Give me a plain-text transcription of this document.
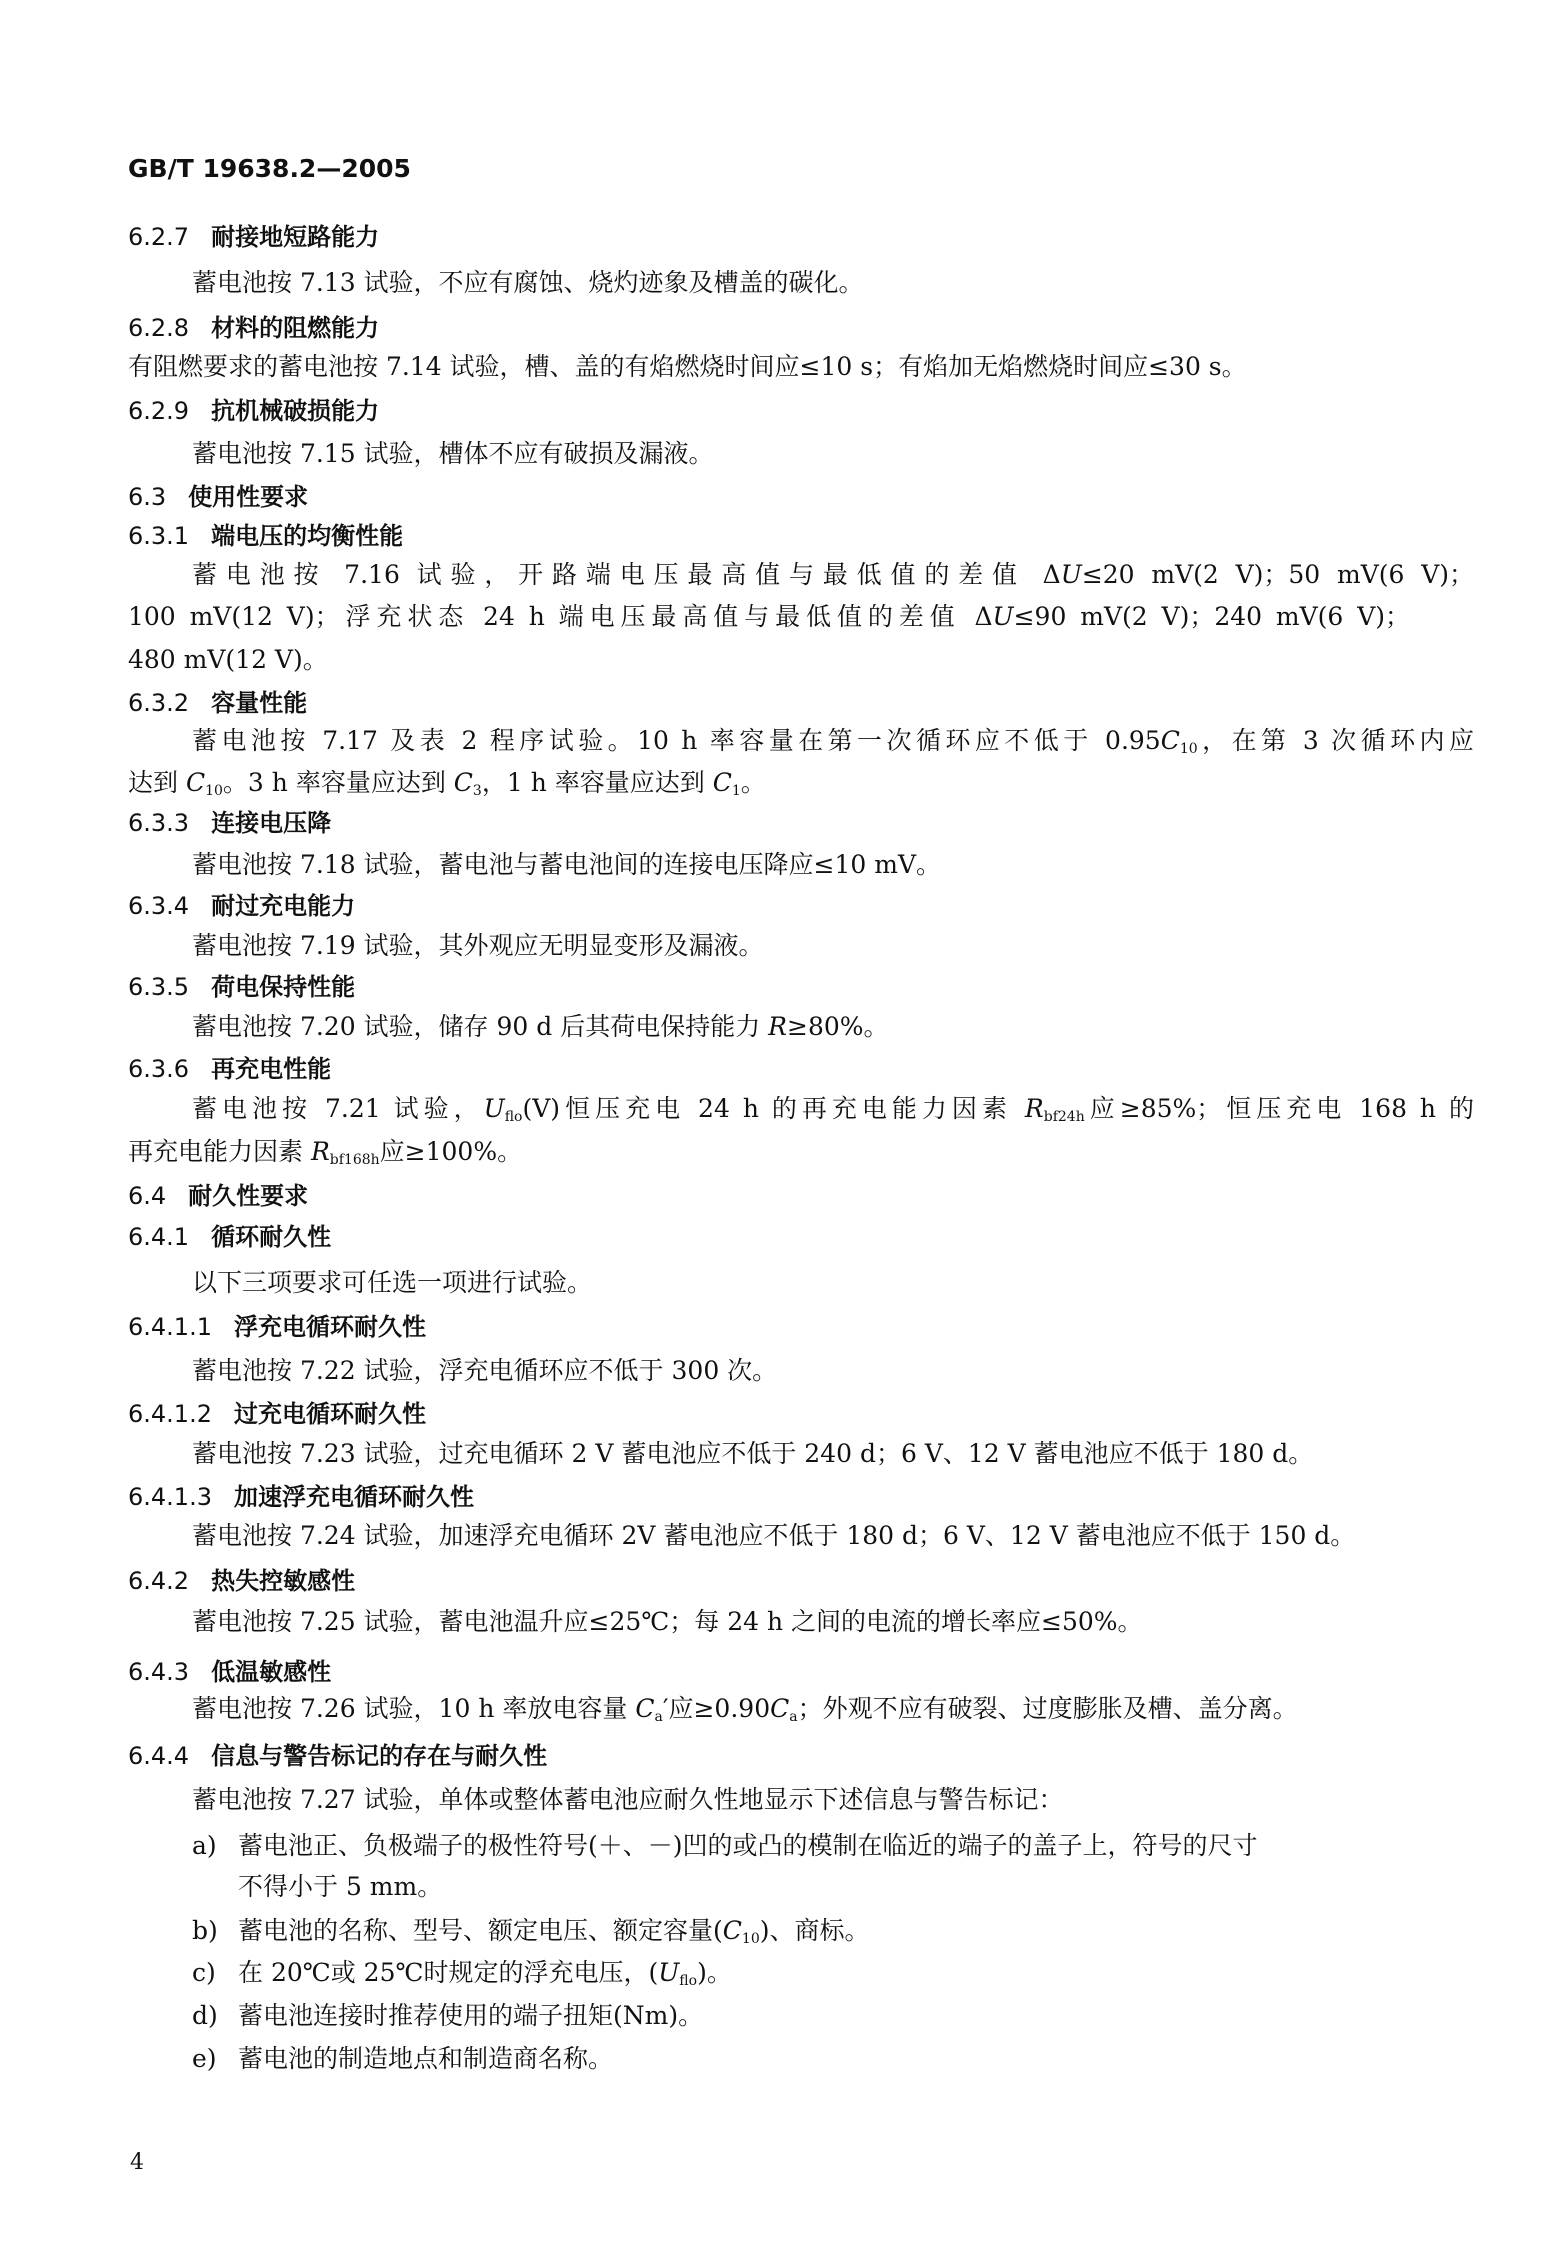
GB/T 19638.2—2005
6.2.7 耐接地短路能力
蓄电池按 7.13 试验，不应有腐蚀、烧灼迹象及槽盖的碳化。
6.2.8 材料的阻燃能力
有阻燃要求的蓄电池按 7.14 试验，槽、盖的有焰燃烧时间应≤10 s；有焰加无焰燃烧时间应≤30 s。
6.2.9 抗机械破损能力
蓄电池按 7.15 试验，槽体不应有破损及漏液。
6.3 使用性要求
6.3.1 端电压的均衡性能
蓄电池按 7.16 试验，开路端电压最高值与最低值的差值 ΔU≤20 mV(2 V)；50 mV(6 V)；
100 mV(12 V)；浮充状态 24 h 端电压最高值与最低值的差值 ΔU≤90 mV(2 V)；240 mV(6 V)；
480 mV(12 V)。
6.3.2 容量性能
蓄电池按 7.17 及表 2 程序试验。10 h 率容量在第一次循环应不低于 $0.95C_{10}$，在第 3 次循环内应
达到 $C_{10}$。3 h 率容量应达到 $C_3$，1 h 率容量应达到 $C_1$。
6.3.3 连接电压降
蓄电池按 7.18 试验，蓄电池与蓄电池间的连接电压降应≤10 mV。
6.3.4 耐过充电能力
蓄电池按 7.19 试验，其外观应无明显变形及漏液。
6.3.5 荷电保持性能
蓄电池按 7.20 试验，储存 90 d 后其荷电保持能力 R≥80%。
6.3.6 再充电性能
蓄电池按 7.21 试验，$U_{flo}(V)$恒压充电 24 h 的再充电能力因素 $R_{bf24h}$应≥85%；恒压充电 168 h 的
再充电能力因素 $R_{bf168h}$应≥100%。
6.4 耐久性要求
6.4.1 循环耐久性
以下三项要求可任选一项进行试验。
6.4.1.1 浮充电循环耐久性
蓄电池按 7.22 试验，浮充电循环应不低于 300 次。
6.4.1.2 过充电循环耐久性
蓄电池按 7.23 试验，过充电循环 2 V 蓄电池应不低于 240 d；6 V、12 V 蓄电池应不低于 180 d。
6.4.1.3 加速浮充电循环耐久性
蓄电池按 7.24 试验，加速浮充电循环 2V 蓄电池应不低于 180 d；6 V、12 V 蓄电池应不低于 150 d。
6.4.2 热失控敏感性
蓄电池按 7.25 试验，蓄电池温升应≤25℃；每 24 h 之间的电流的增长率应≤50%。
6.4.3 低温敏感性
蓄电池按 7.26 试验，10 h 率放电容量 $C_a'$应$\ge 0.90C_a$；外观不应有破裂、过度膨胀及槽、盖分离。
6.4.4 信息与警告标记的存在与耐久性
蓄电池按 7.27 试验，单体或整体蓄电池应耐久性地显示下述信息与警告标记：
a) 蓄电池正、负极端子的极性符号(＋、－)凹的或凸的模制在临近的端子的盖子上，符号的尺寸
不得小于 5 mm。
b) 蓄电池的名称、型号、额定电压、额定容量$(C_{10})$、商标。
c) 在 20℃或 25℃时规定的浮充电压，$(U_{flo})$。
d) 蓄电池连接时推荐使用的端子扭矩(Nm)。
e) 蓄电池的制造地点和制造商名称。
4
